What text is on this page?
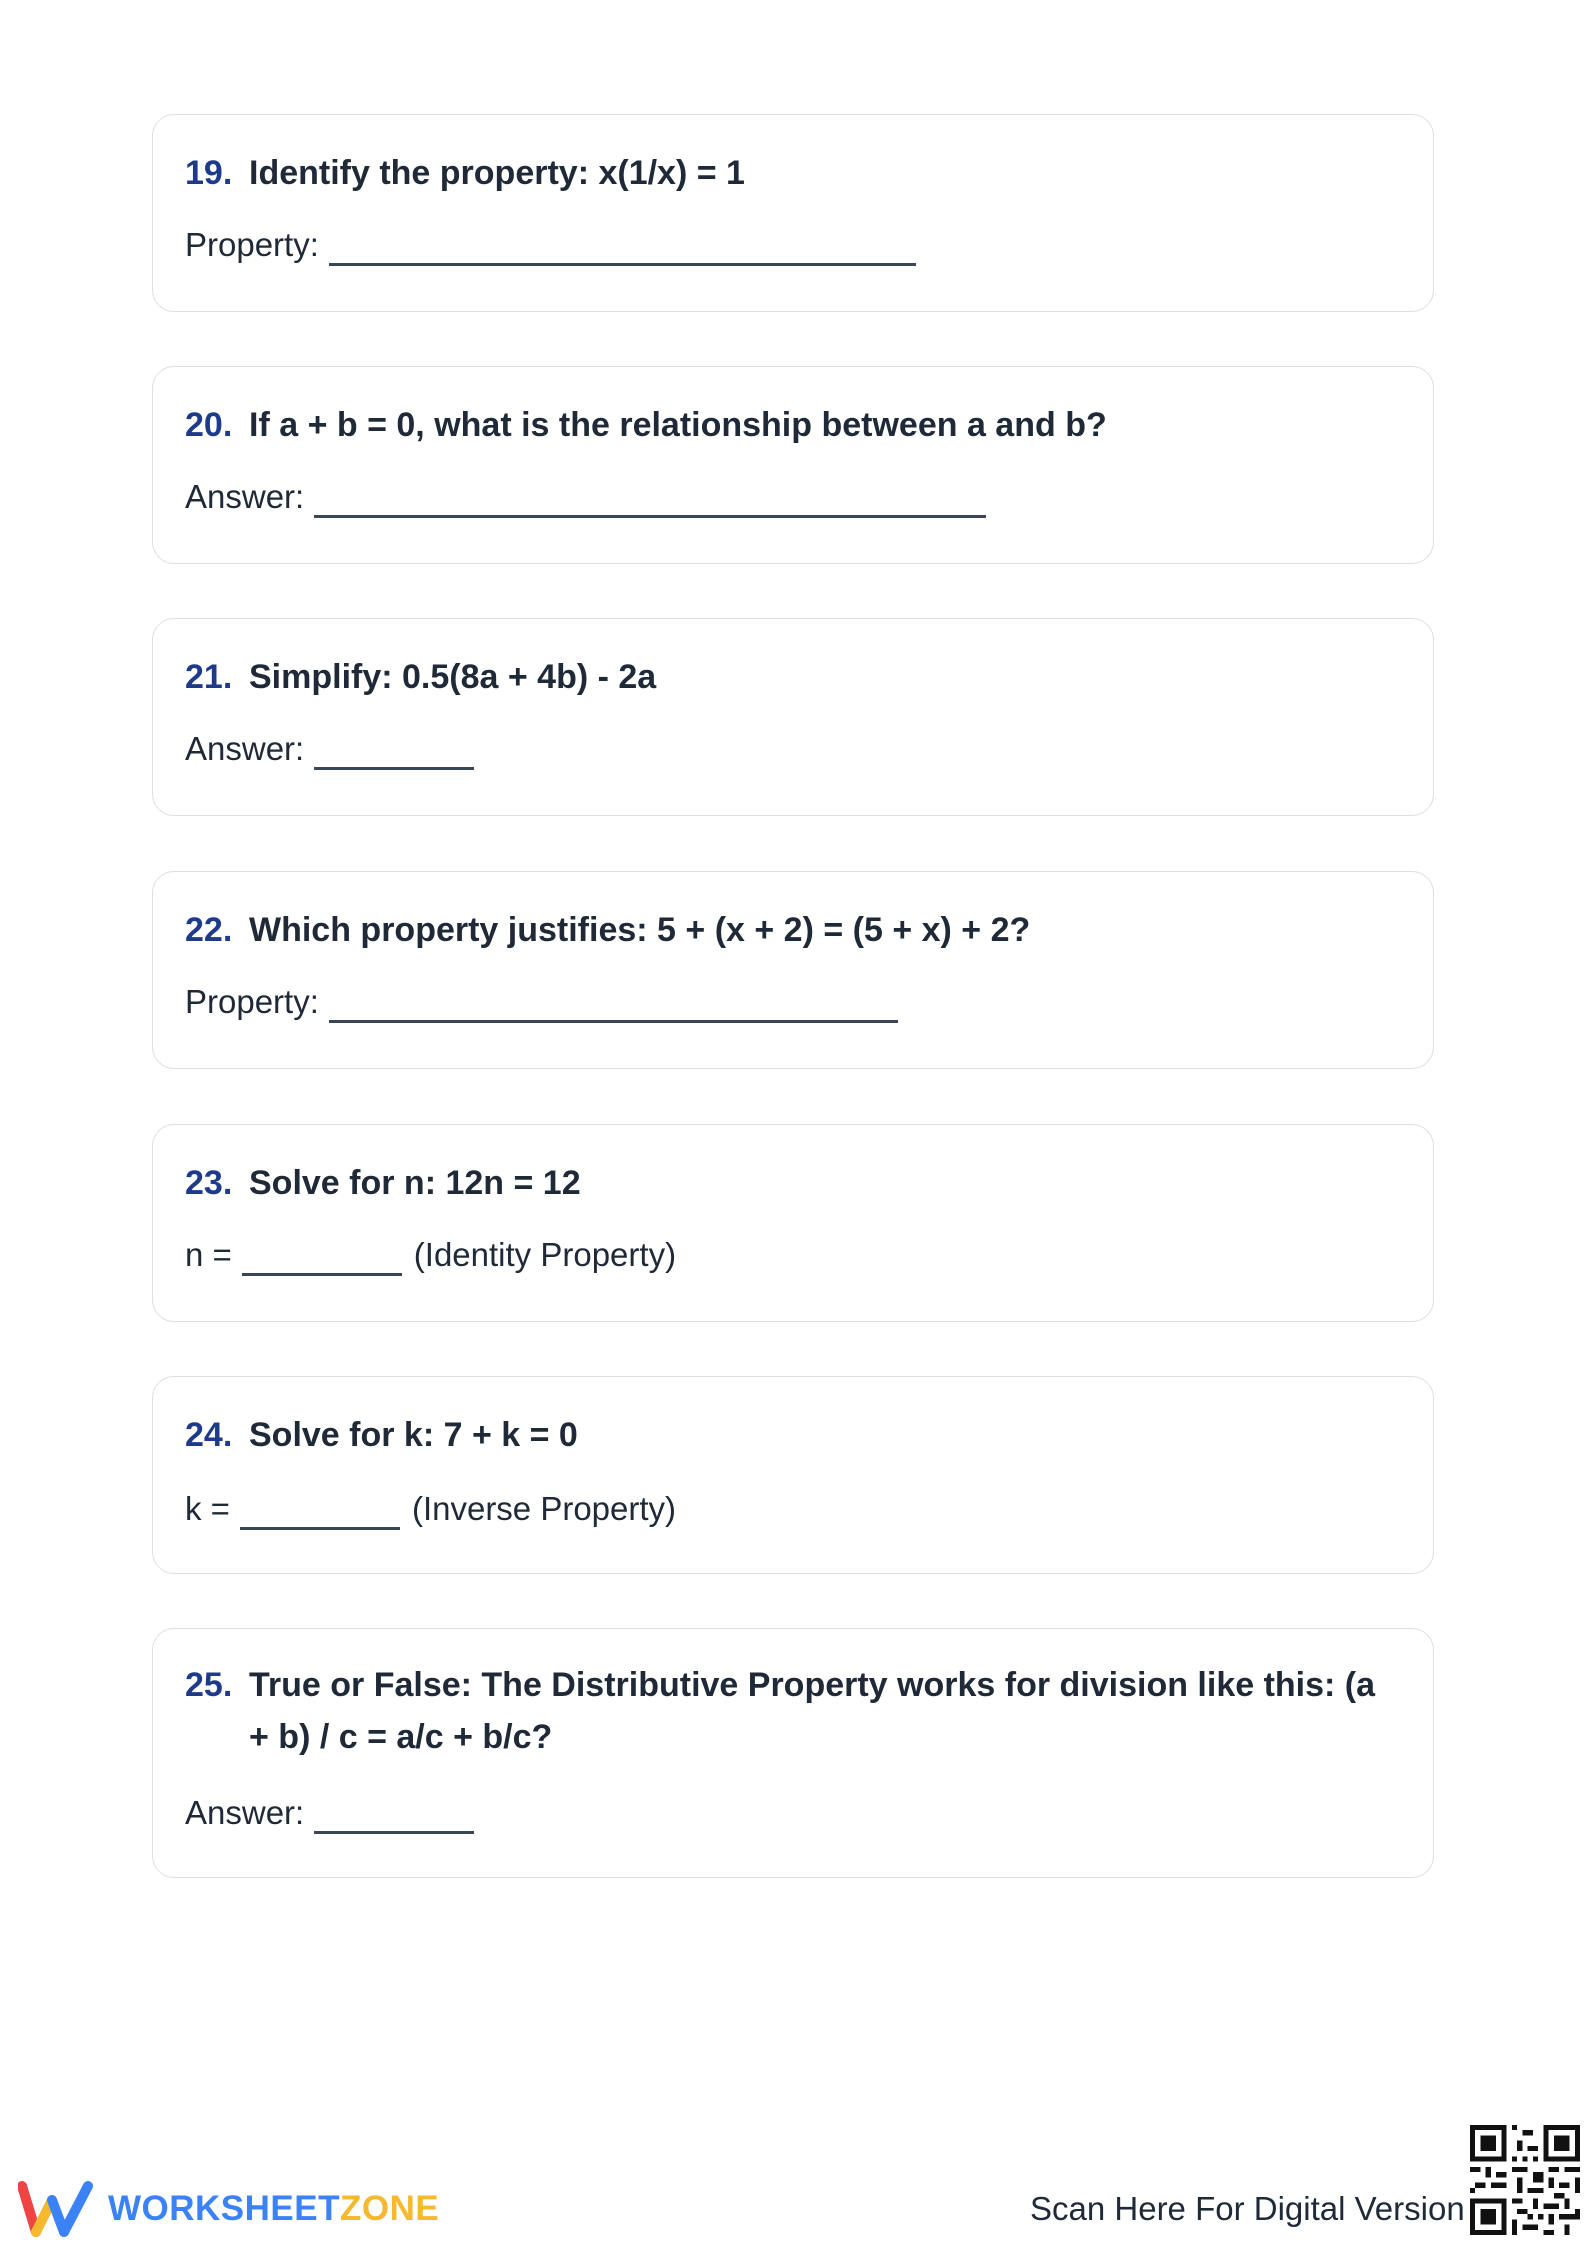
19. Identify the property: x(1/x) = 1
Property:
20. If a + b = 0, what is the relationship between a and b?
Answer:
21. Simplify: 0.5(8a + 4b) - 2a
Answer:
22. Which property justifies: 5 + (x + 2) = (5 + x) + 2?
Property:
23. Solve for n: 12n = 12
n =	(Identity Property)
24. Solve for k: 7 + k = 0
k =	(Inverse Property)
25. True or False: The Distributive Property works for division like this: (a + b) / c = a/c + b/c?
Answer:
WORKSHEETZONE	Scan Here For Digital Version
